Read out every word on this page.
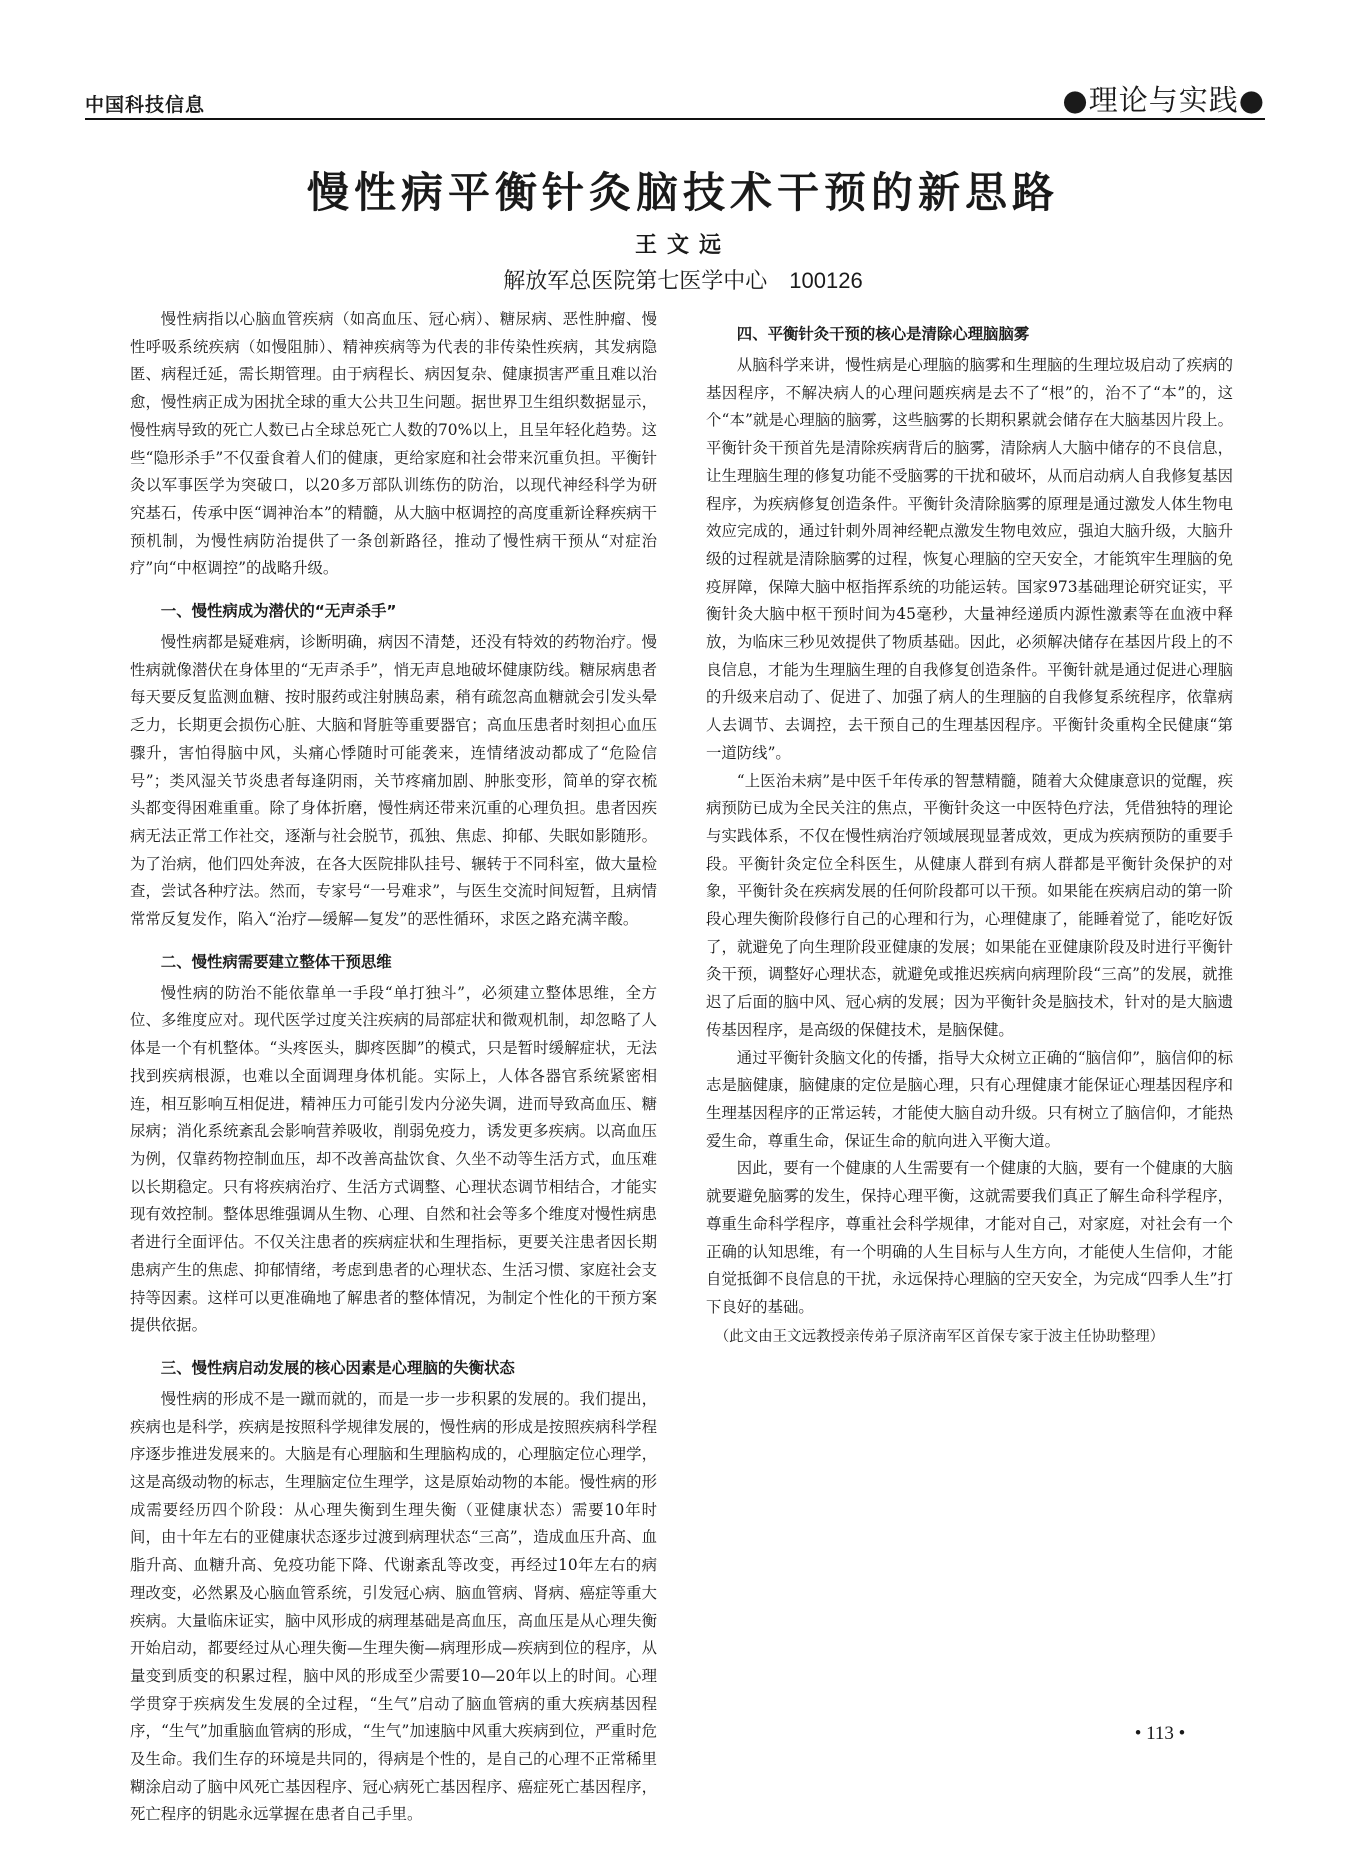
中国科技信息	●理论与实践●
慢性病平衡针灸脑技术干预的新思路
王文远
解放军总医院第七医学中心 100126

慢性病指以心脑血管疾病（如高血压、冠心病）、糖尿病、恶性肿瘤、慢性呼吸系统疾病（如慢阻肺）、精神疾病等为代表的非传染性疾病，其发病隐匿、病程迁延，需长期管理。由于病程长、病因复杂、健康损害严重且难以治愈，慢性病正成为困扰全球的重大公共卫生问题。据世界卫生组织数据显示，慢性病导致的死亡人数已占全球总死亡人数的70%以上，且呈年轻化趋势。这些“隐形杀手”不仅蚕食着人们的健康，更给家庭和社会带来沉重负担。平衡针灸以军事医学为突破口，以20多万部队训练伤的防治，以现代神经科学为研究基石，传承中医“调神治本”的精髓，从大脑中枢调控的高度重新诠释疾病干预机制，为慢性病防治提供了一条创新路径，推动了慢性病干预从“对症治疗”向“中枢调控”的战略升级。

一、慢性病成为潜伏的“无声杀手”

慢性病都是疑难病，诊断明确，病因不清楚，还没有特效的药物治疗。慢性病就像潜伏在身体里的“无声杀手”，悄无声息地破坏健康防线。糖尿病患者每天要反复监测血糖、按时服药或注射胰岛素，稍有疏忽高血糖就会引发头晕乏力，长期更会损伤心脏、大脑和肾脏等重要器官；高血压患者时刻担心血压骤升，害怕得脑中风，头痛心悸随时可能袭来，连情绪波动都成了“危险信号”；类风湿关节炎患者每逢阴雨，关节疼痛加剧、肿胀变形，简单的穿衣梳头都变得困难重重。除了身体折磨，慢性病还带来沉重的心理负担。患者因疾病无法正常工作社交，逐渐与社会脱节，孤独、焦虑、抑郁、失眠如影随形。为了治病，他们四处奔波，在各大医院排队挂号、辗转于不同科室，做大量检查，尝试各种疗法。然而，专家号“一号难求”，与医生交流时间短暂，且病情常常反复发作，陷入“治疗—缓解—复发”的恶性循环，求医之路充满辛酸。

二、慢性病需要建立整体干预思维

慢性病的防治不能依靠单一手段“单打独斗”，必须建立整体思维，全方位、多维度应对。现代医学过度关注疾病的局部症状和微观机制，却忽略了人体是一个有机整体。“头疼医头，脚疼医脚”的模式，只是暂时缓解症状，无法找到疾病根源，也难以全面调理身体机能。实际上，人体各器官系统紧密相连，相互影响互相促进，精神压力可能引发内分泌失调，进而导致高血压、糖尿病；消化系统紊乱会影响营养吸收，削弱免疫力，诱发更多疾病。以高血压为例，仅靠药物控制血压，却不改善高盐饮食、久坐不动等生活方式，血压难以长期稳定。只有将疾病治疗、生活方式调整、心理状态调节相结合，才能实现有效控制。整体思维强调从生物、心理、自然和社会等多个维度对慢性病患者进行全面评估。不仅关注患者的疾病症状和生理指标，更要关注患者因长期患病产生的焦虑、抑郁情绪，考虑到患者的心理状态、生活习惯、家庭社会支持等因素。这样可以更准确地了解患者的整体情况，为制定个性化的干预方案提供依据。

三、慢性病启动发展的核心因素是心理脑的失衡状态

慢性病的形成不是一蹴而就的，而是一步一步积累的发展的。我们提出，疾病也是科学，疾病是按照科学规律发展的，慢性病的形成是按照疾病科学程序逐步推进发展来的。大脑是有心理脑和生理脑构成的，心理脑定位心理学，这是高级动物的标志，生理脑定位生理学，这是原始动物的本能。慢性病的形成需要经历四个阶段：从心理失衡到生理失衡（亚健康状态）需要10年时间，由十年左右的亚健康状态逐步过渡到病理状态“三高”，造成血压升高、血脂升高、血糖升高、免疫功能下降、代谢紊乱等改变，再经过10年左右的病理改变，必然累及心脑血管系统，引发冠心病、脑血管病、肾病、癌症等重大疾病。大量临床证实，脑中风形成的病理基础是高血压，高血压是从心理失衡开始启动，都要经过从心理失衡—生理失衡—病理形成—疾病到位的程序，从量变到质变的积累过程，脑中风的形成至少需要10—20年以上的时间。心理学贯穿于疾病发生发展的全过程，“生气”启动了脑血管病的重大疾病基因程序，“生气”加重脑血管病的形成，“生气”加速脑中风重大疾病到位，严重时危及生命。我们生存的环境是共同的，得病是个性的，是自己的心理不正常稀里糊涂启动了脑中风死亡基因程序、冠心病死亡基因程序、癌症死亡基因程序，死亡程序的钥匙永远掌握在患者自己手里。

四、平衡针灸干预的核心是清除心理脑脑雾

从脑科学来讲，慢性病是心理脑的脑雾和生理脑的生理垃圾启动了疾病的基因程序，不解决病人的心理问题疾病是去不了“根”的，治不了“本”的，这个“本”就是心理脑的脑雾，这些脑雾的长期积累就会储存在大脑基因片段上。平衡针灸干预首先是清除疾病背后的脑雾，清除病人大脑中储存的不良信息，让生理脑生理的修复功能不受脑雾的干扰和破坏，从而启动病人自我修复基因程序，为疾病修复创造条件。平衡针灸清除脑雾的原理是通过激发人体生物电效应完成的，通过针刺外周神经靶点激发生物电效应，强迫大脑升级，大脑升级的过程就是清除脑雾的过程，恢复心理脑的空天安全，才能筑牢生理脑的免疫屏障，保障大脑中枢指挥系统的功能运转。国家973基础理论研究证实，平衡针灸大脑中枢干预时间为45毫秒，大量神经递质内源性激素等在血液中释放，为临床三秒见效提供了物质基础。因此，必须解决储存在基因片段上的不良信息，才能为生理脑生理的自我修复创造条件。平衡针就是通过促进心理脑的升级来启动了、促进了、加强了病人的生理脑的自我修复系统程序，依靠病人去调节、去调控，去干预自己的生理基因程序。平衡针灸重构全民健康“第一道防线”。

“上医治未病”是中医千年传承的智慧精髓，随着大众健康意识的觉醒，疾病预防已成为全民关注的焦点，平衡针灸这一中医特色疗法，凭借独特的理论与实践体系，不仅在慢性病治疗领域展现显著成效，更成为疾病预防的重要手段。平衡针灸定位全科医生，从健康人群到有病人群都是平衡针灸保护的对象，平衡针灸在疾病发展的任何阶段都可以干预。如果能在疾病启动的第一阶段心理失衡阶段修行自己的心理和行为，心理健康了，能睡着觉了，能吃好饭了，就避免了向生理阶段亚健康的发展；如果能在亚健康阶段及时进行平衡针灸干预，调整好心理状态，就避免或推迟疾病向病理阶段“三高”的发展，就推迟了后面的脑中风、冠心病的发展；因为平衡针灸是脑技术，针对的是大脑遗传基因程序，是高级的保健技术，是脑保健。

通过平衡针灸脑文化的传播，指导大众树立正确的“脑信仰”，脑信仰的标志是脑健康，脑健康的定位是脑心理，只有心理健康才能保证心理基因程序和生理基因程序的正常运转，才能使大脑自动升级。只有树立了脑信仰，才能热爱生命，尊重生命，保证生命的航向进入平衡大道。

因此，要有一个健康的人生需要有一个健康的大脑，要有一个健康的大脑就要避免脑雾的发生，保持心理平衡，这就需要我们真正了解生命科学程序，尊重生命科学程序，尊重社会科学规律，才能对自己，对家庭，对社会有一个正确的认知思维，有一个明确的人生目标与人生方向，才能使人生信仰，才能自觉抵御不良信息的干扰，永远保持心理脑的空天安全，为完成“四季人生”打下良好的基础。

（此文由王文远教授亲传弟子原济南军区首保专家于波主任协助整理）

• 113 •
